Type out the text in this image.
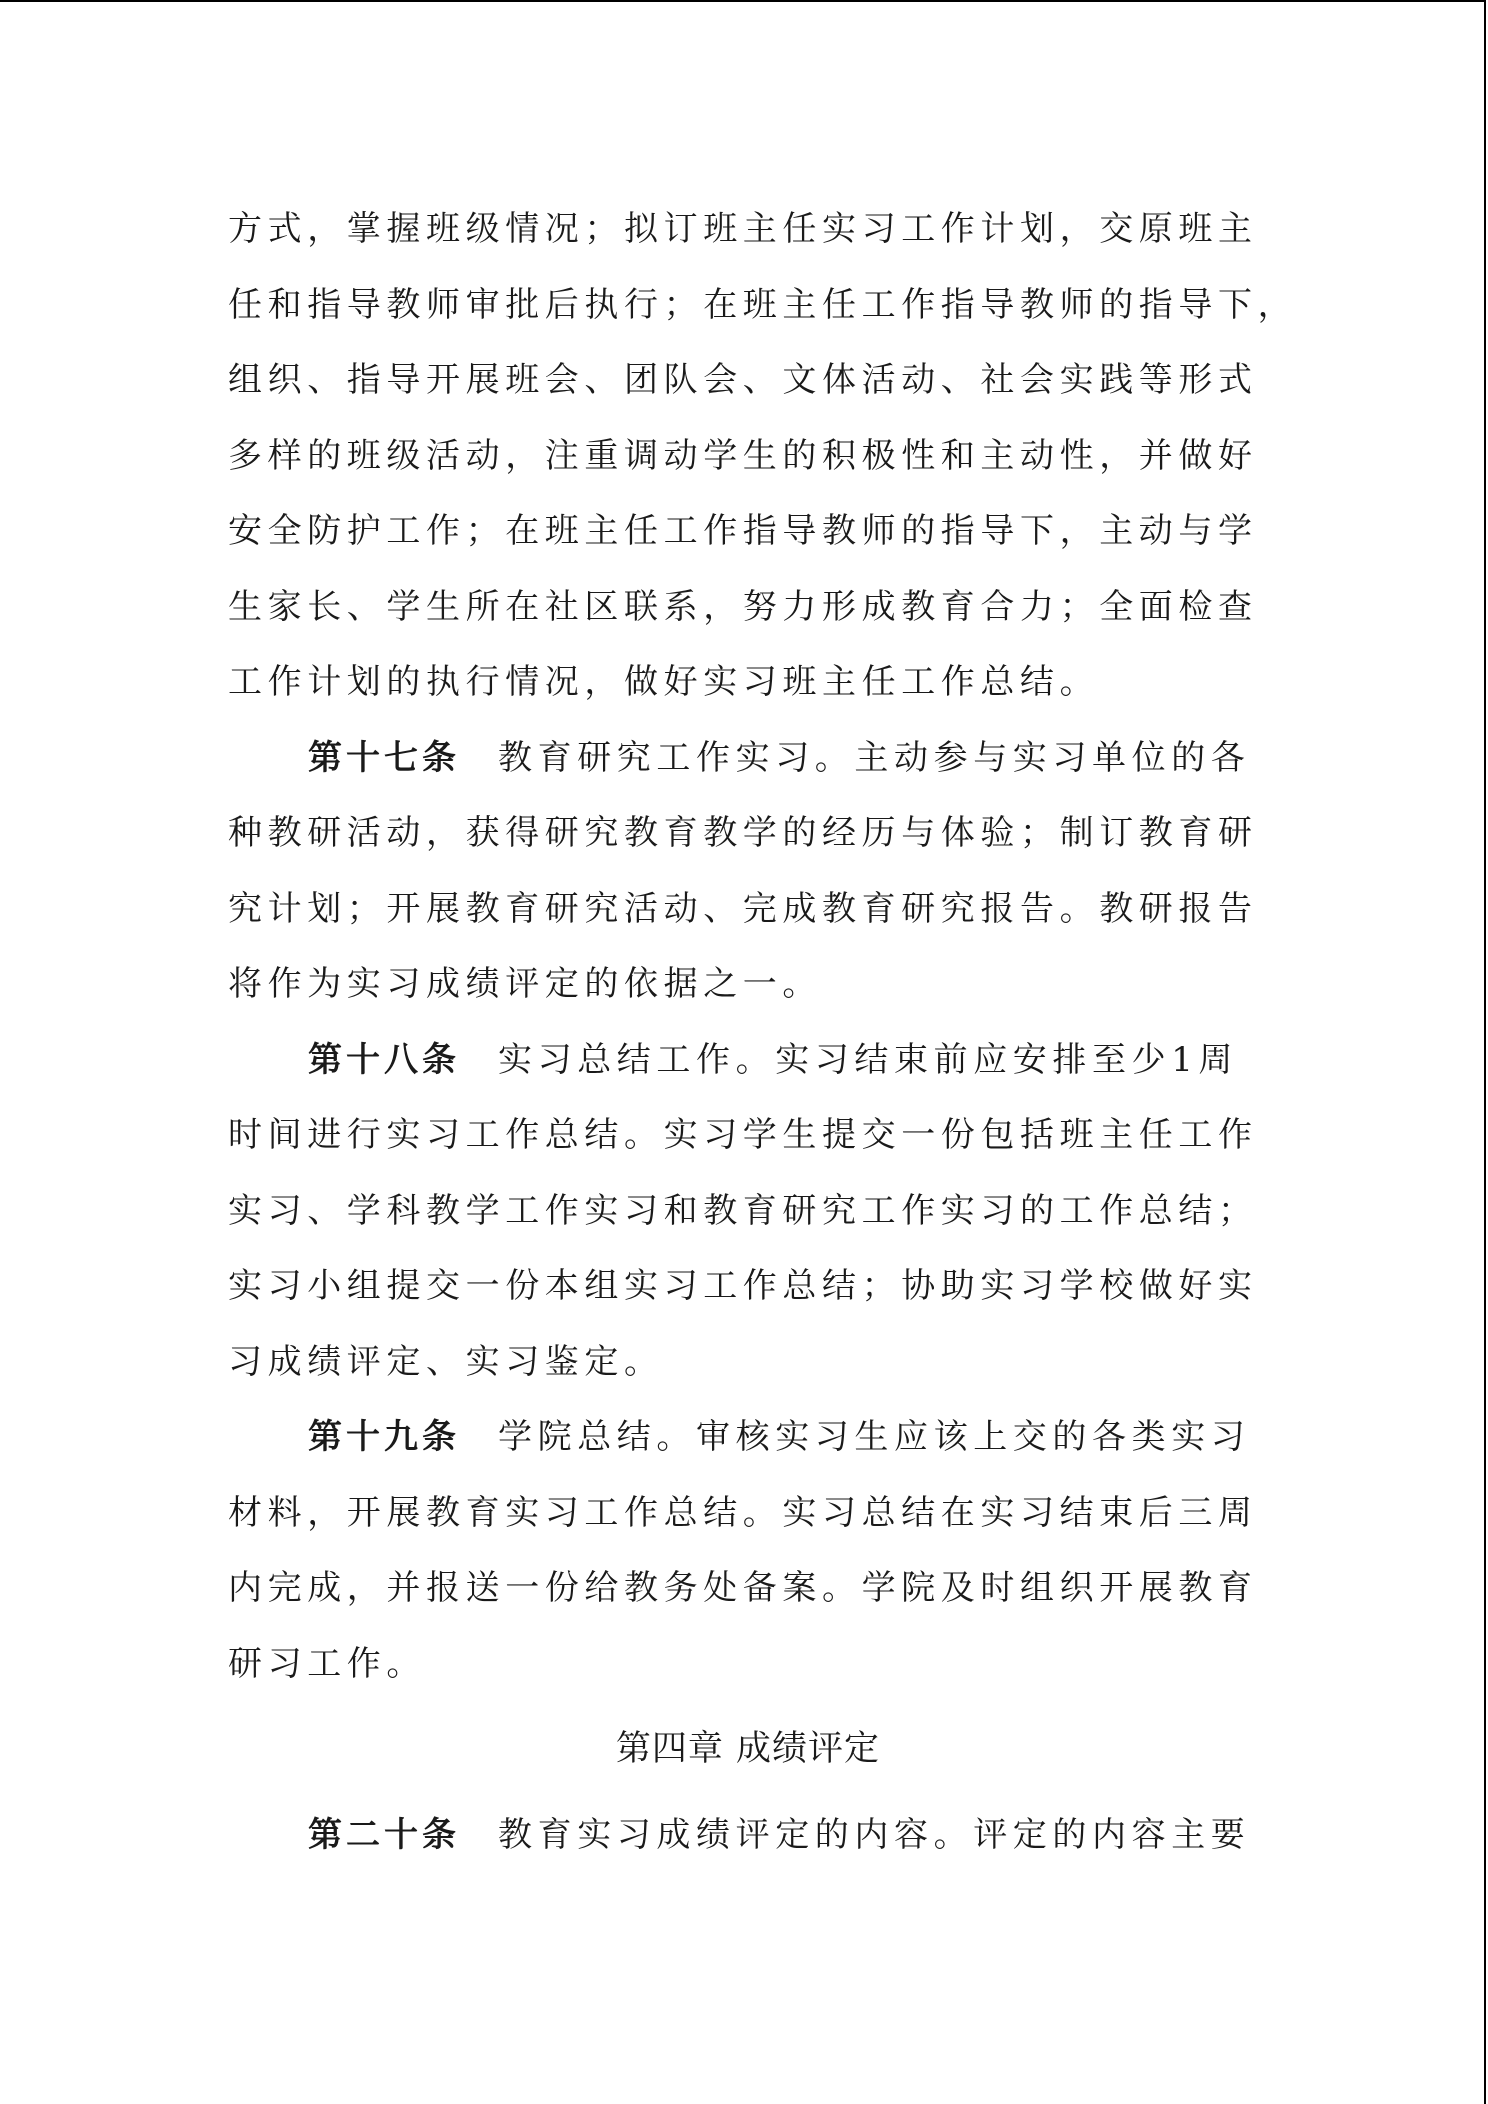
方式，掌握班级情况；拟订班主任实习工作计划，交原班主
任和指导教师审批后执行；在班主任工作指导教师的指导下，
组织、指导开展班会、团队会、文体活动、社会实践等形式
多样的班级活动，注重调动学生的积极性和主动性，并做好
安全防护工作；在班主任工作指导教师的指导下，主动与学
生家长、学生所在社区联系，努力形成教育合力；全面检查
工作计划的执行情况，做好实习班主任工作总结。
第十七条 教育研究工作实习。主动参与实习单位的各
种教研活动，获得研究教育教学的经历与体验；制订教育研
究计划；开展教育研究活动、完成教育研究报告。教研报告
将作为实习成绩评定的依据之一。
第十八条 实习总结工作。实习结束前应安排至少1周
时间进行实习工作总结。实习学生提交一份包括班主任工作
实习、学科教学工作实习和教育研究工作实习的工作总结；
实习小组提交一份本组实习工作总结；协助实习学校做好实
习成绩评定、实习鉴定。
第十九条 学院总结。审核实习生应该上交的各类实习
材料，开展教育实习工作总结。实习总结在实习结束后三周
内完成，并报送一份给教务处备案。学院及时组织开展教育
研习工作。
第四章 成绩评定
第二十条 教育实习成绩评定的内容。评定的内容主要
